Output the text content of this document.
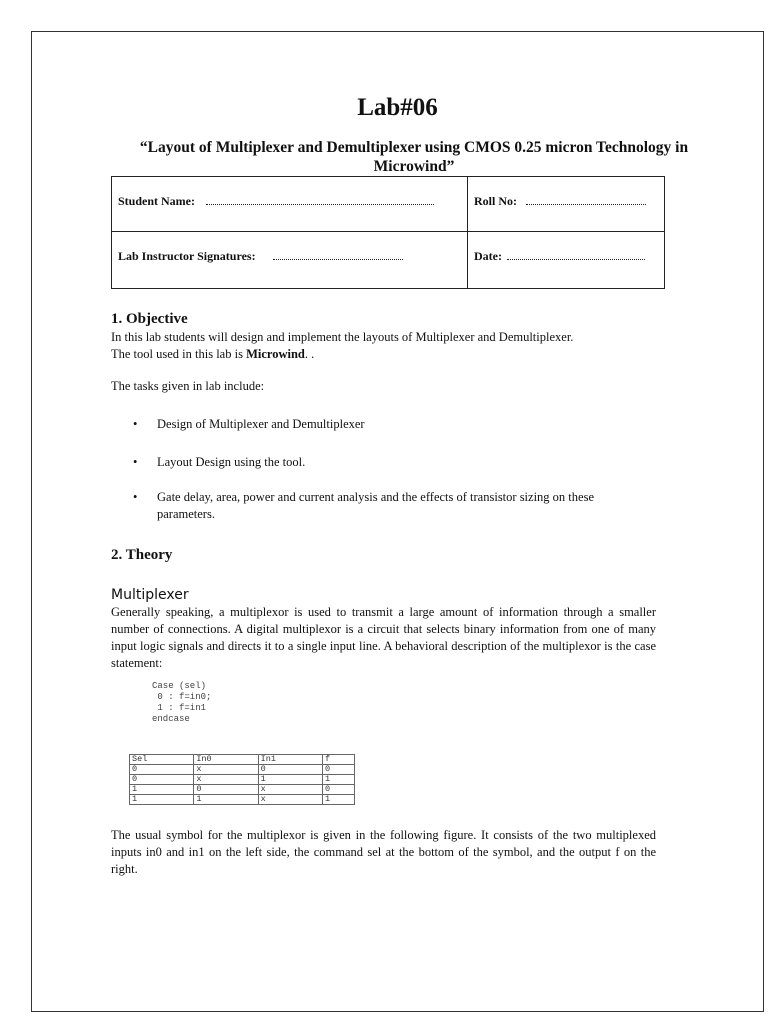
Lab#06
“Layout of Multiplexer and Demultiplexer using CMOS 0.25 micron Technology in Microwind”
Student Name:	Roll No:
Lab Instructor Signatures:	Date:
1. Objective
In this lab students will design and implement the layouts of Multiplexer and Demultiplexer. The tool used in this lab is Microwind. .
The tasks given in lab include:
• Design of Multiplexer and Demultiplexer
• Layout Design using the tool.
• Gate delay, area, power and current analysis and the effects of transistor sizing on these parameters.
2. Theory
Multiplexer
Generally speaking, a multiplexor is used to transmit a large amount of information through a smaller number of connections. A digital multiplexor is a circuit that selects binary information from one of many input logic signals and directs it to a single input line. A behavioral description of the multiplexor is the case statement:
Case (sel)
0 : f=in0;
1 : f=in1
endcase
Sel	In0	In1	f
0	x	0	0
0	x	1	1
1	0	x	0
1	1	x	1
The usual symbol for the multiplexor is given in the following figure. It consists of the two multiplexed inputs in0 and in1 on the left side, the command sel at the bottom of the symbol, and the output f on the right.
